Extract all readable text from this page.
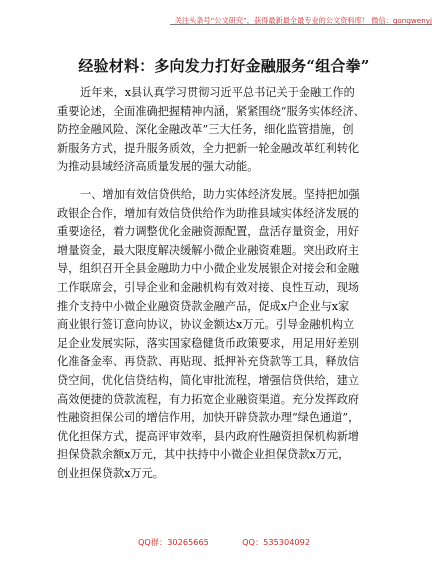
关注头条号“公文研究”，获得最新最全最专业的公文资料库！ 微信：gongwenyj
经验材料：多向发力打好金融服务“组合拳”
近年来，x县认真学习贯彻习近平总书记关于金融工作的
重要论述，全面准确把握精神内涵，紧紧围绕“服务实体经济、
防控金融风险、深化金融改革”三大任务，细化监管措施，创
新服务方式，提升服务质效，全力把新一轮金融改革红利转化
为推动县域经济高质量发展的强大动能。
一、增加有效信贷供给，助力实体经济发展。坚持把加强
政银企合作，增加有效信贷供给作为助推县域实体经济发展的
重要途径，着力调整优化金融资源配置，盘活存量资金，用好
增量资金，最大限度解决缓解小微企业融资难题。突出政府主
导，组织召开全县金融助力中小微企业发展银企对接会和金融
工作联席会，引导企业和金融机构有效对接、良性互动，现场
推介支持中小微企业融资贷款金融产品，促成x户企业与x家
商业银行签订意向协议，协议金额达x万元。引导金融机构立
足企业发展实际，落实国家稳健货币政策要求，用足用好差别
化准备金率、再贷款、再贴现、抵押补充贷款等工具，释放信
贷空间，优化信贷结构，简化审批流程，增强信贷供给，建立
高效便捷的贷款流程，有力拓宽企业融资渠道。充分发挥政府
性融资担保公司的增信作用，加快开辟贷款办理“绿色通道”，
优化担保方式，提高评审效率，县内政府性融资担保机构新增
担保贷款余额x万元，其中扶持中小微企业担保贷款x万元，
创业担保贷款x万元。
QQ群：30265665	QQ：535304092
